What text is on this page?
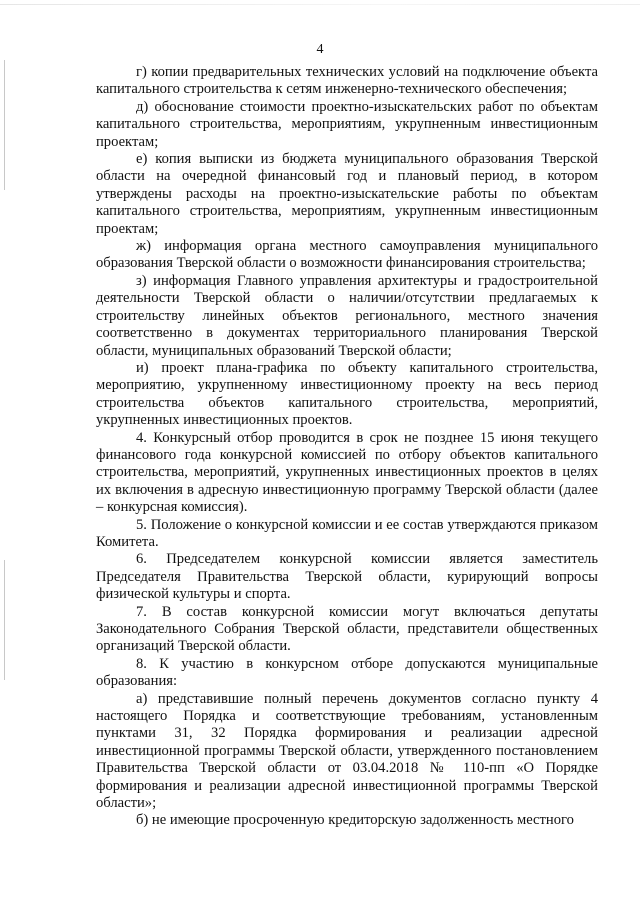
4

г) копии предварительных технических условий на подключение объекта капитального строительства к сетям инженерно-технического обеспечения;

д) обоснование стоимости проектно-изыскательских работ по объектам капитального строительства, мероприятиям, укрупненным инвестиционным проектам;

е) копия выписки из бюджета муниципального образования Тверской области на очередной финансовый год и плановый период, в котором утверждены расходы на проектно-изыскательские работы по объектам капитального строительства, мероприятиям, укрупненным инвестиционным проектам;

ж) информация органа местного самоуправления муниципального образования Тверской области о возможности финансирования строительства;

з) информация Главного управления архитектуры и градостроительной деятельности Тверской области о наличии/отсутствии предлагаемых к строительству линейных объектов регионального, местного значения соответственно в документах территориального планирования Тверской области, муниципальных образований Тверской области;

и) проект плана-графика по объекту капитального строительства, мероприятию, укрупненному инвестиционному проекту на весь период строительства объектов капитального строительства, мероприятий, укрупненных инвестиционных проектов.

4. Конкурсный отбор проводится в срок не позднее 15 июня текущего финансового года конкурсной комиссией по отбору объектов капитального строительства, мероприятий, укрупненных инвестиционных проектов в целях их включения в адресную инвестиционную программу Тверской области (далее – конкурсная комиссия).

5. Положение о конкурсной комиссии и ее состав утверждаются приказом Комитета.

6. Председателем конкурсной комиссии является заместитель Председателя Правительства Тверской области, курирующий вопросы физической культуры и спорта.

7. В состав конкурсной комиссии могут включаться депутаты Законодательного Собрания Тверской области, представители общественных организаций Тверской области.

8. К участию в конкурсном отборе допускаются муниципальные образования:

а) представившие полный перечень документов согласно пункту 4 настоящего Порядка и соответствующие требованиям, установленным пунктами 31, 32 Порядка формирования и реализации адресной инвестиционной программы Тверской области, утвержденного постановлением Правительства Тверской области от 03.04.2018 № 110-пп «О Порядке формирования и реализации адресной инвестиционной программы Тверской области»;

б) не имеющие просроченную кредиторскую задолженность местного
